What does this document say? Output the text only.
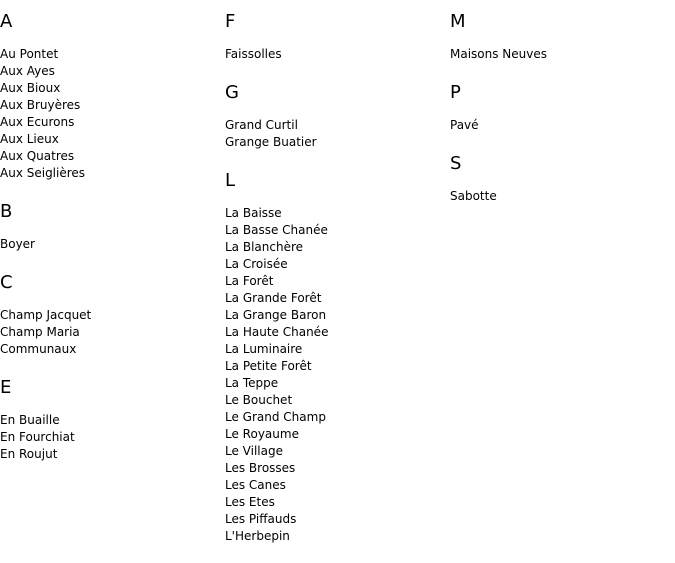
A
Au Pontet
Aux Ayes
Aux Bioux
Aux Bruyères
Aux Ecurons
Aux Lieux
Aux Quatres
Aux Seiglières
B
Boyer
C
Champ Jacquet
Champ Maria
Communaux
E
En Buaille
En Fourchiat
En Roujut
F
Faissolles
G
Grand Curtil
Grange Buatier
L
La Baisse
La Basse Chanée
La Blanchère
La Croisée
La Forêt
La Grande Forêt
La Grange Baron
La Haute Chanée
La Luminaire
La Petite Forêt
La Teppe
Le Bouchet
Le Grand Champ
Le Royaume
Le Village
Les Brosses
Les Canes
Les Etes
Les Piffauds
L'Herbepin
M
Maisons Neuves
P
Pavé
S
Sabotte
